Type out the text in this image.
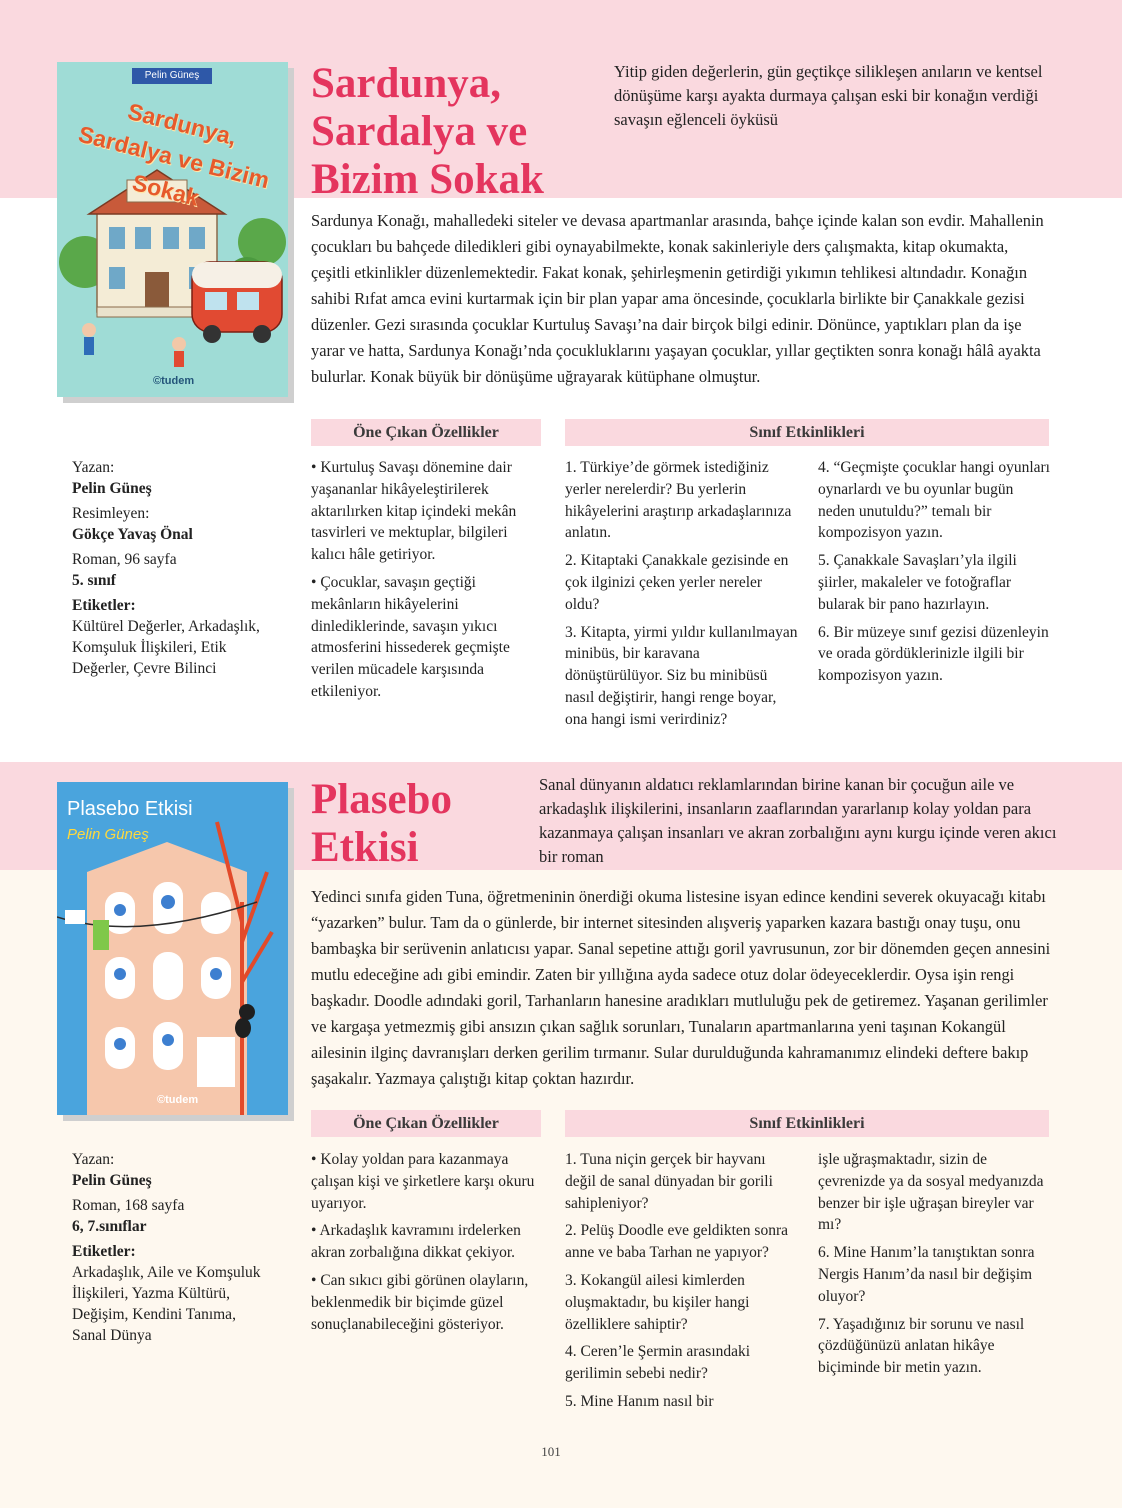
Pelin Güneş
Sardunya, Sardalya ve Bizim Sokak
©tudem
Sardunya, Sardalya ve Bizim Sokak
Yitip giden değerlerin, gün geçtikçe silikleşen anıların ve kentsel dönüşüme karşı ayakta durmaya çalışan eski bir konağın verdiği savaşın eğlenceli öyküsü
Sardunya Konağı, mahalledeki siteler ve devasa apartmanlar arasında, bahçe içinde kalan son evdir. Mahallenin çocukları bu bahçede diledikleri gibi oynayabilmekte, konak sakinleriyle ders çalışmakta, kitap okumakta, çeşitli etkinlikler düzenlemektedir. Fakat konak, şehirleşmenin getirdiği yıkımın tehlikesi altındadır. Konağın sahibi Rıfat amca evini kurtarmak için bir plan yapar ama öncesinde, çocuklarla birlikte bir Çanakkale gezisi düzenler. Gezi sırasında çocuklar Kurtuluş Savaşı’na dair birçok bilgi edinir. Dönünce, yaptıkları plan da işe yarar ve hatta, Sardunya Konağı’nda çocukluklarını yaşayan çocuklar, yıllar geçtikten sonra konağı hâlâ ayakta bulurlar. Konak büyük bir dönüşüme uğrayarak kütüphane olmuştur.
Öne Çıkan Özellikler	Sınıf Etkinlikleri
Yazan:
Pelin Güneş
Resimleyen:
Gökçe Yavaş Önal
Roman, 96 sayfa
5. sınıf
Etiketler:
Kültürel Değerler, Arkadaşlık, Komşuluk İlişkileri, Etik Değerler, Çevre Bilinci

• Kurtuluş Savaşı dönemine dair yaşananlar hikâyeleştirilerek aktarılırken kitap içindeki mekân tasvirleri ve mektuplar, bilgileri kalıcı hâle getiriyor.

• Çocuklar, savaşın geçtiği mekânların hikâyelerini dinlediklerinde, savaşın yıkıcı atmosferini hissederek geçmişte verilen mücadele karşısında etkileniyor.

1. Türkiye’de görmek istediğiniz yerler nerelerdir? Bu yerlerin hikâyelerini araştırıp arkadaşlarınıza anlatın.

2. Kitaptaki Çanakkale gezisinde en çok ilginizi çeken yerler nereler oldu?

3. Kitapta, yirmi yıldır kullanılmayan minibüs, bir karavana dönüştürülüyor. Siz bu minibüsü nasıl değiştirir, hangi renge boyar, ona hangi ismi verirdiniz?

4. “Geçmişte çocuklar hangi oyunları oynarlardı ve bu oyunlar bugün neden unutuldu?” temalı bir kompozisyon yazın.

5. Çanakkale Savaşları’yla ilgili şiirler, makaleler ve fotoğraflar bularak bir pano hazırlayın.

6. Bir müzeye sınıf gezisi düzenleyin ve orada gördüklerinizle ilgili bir kompozisyon yazın.

Plasebo Etkisi
Pelin Güneş
©tudem
Plasebo Etkisi
Sanal dünyanın aldatıcı reklamlarından birine kanan bir çocuğun aile ve arkadaşlık ilişkilerini, insanların zaaflarından yararlanıp kolay yoldan para kazanmaya çalışan insanları ve akran zorbalığını aynı kurgu içinde veren akıcı bir roman
Yedinci sınıfa giden Tuna, öğretmeninin önerdiği okuma listesine isyan edince kendini severek okuyacağı kitabı “yazarken” bulur. Tam da o günlerde, bir internet sitesinden alışveriş yaparken kazara bastığı onay tuşu, onu bambaşka bir serüvenin anlatıcısı yapar. Sanal sepetine attığı goril yavrusunun, zor bir dönemden geçen annesini mutlu edeceğine adı gibi emindir. Zaten bir yıllığına ayda sadece otuz dolar ödeyeceklerdir. Oysa işin rengi başkadır. Doodle adındaki goril, Tarhanların hanesine aradıkları mutluluğu pek de getiremez. Yaşanan gerilimler ve kargaşa yetmezmiş gibi ansızın çıkan sağlık sorunları, Tunaların apartmanlarına yeni taşınan Kokangül ailesinin ilginç davranışları derken gerilim tırmanır. Sular durulduğunda kahramanımız elindeki deftere bakıp şaşakalır. Yazmaya çalıştığı kitap çoktan hazırdır.
Öne Çıkan Özellikler	Sınıf Etkinlikleri
Yazan:
Pelin Güneş
Roman, 168 sayfa
6, 7.sınıflar
Etiketler:
Arkadaşlık, Aile ve Komşuluk İlişkileri, Yazma Kültürü, Değişim, Kendini Tanıma, Sanal Dünya

• Kolay yoldan para kazanmaya çalışan kişi ve şirketlere karşı okuru uyarıyor.

• Arkadaşlık kavramını irdelerken akran zorbalığına dikkat çekiyor.

• Can sıkıcı gibi görünen olayların, beklenmedik bir biçimde güzel sonuçlanabileceğini gösteriyor.

1. Tuna niçin gerçek bir hayvanı değil de sanal dünyadan bir gorili sahipleniyor?

2. Pelüş Doodle eve geldikten sonra anne ve baba Tarhan ne yapıyor?

3. Kokangül ailesi kimlerden oluşmaktadır, bu kişiler hangi özelliklere sahiptir?

4. Ceren’le Şermin arasındaki gerilimin sebebi nedir?

5. Mine Hanım nasıl bir

işle uğraşmaktadır, sizin de çevrenizde ya da sosyal medyanızda benzer bir işle uğraşan bireyler var mı?

6. Mine Hanım’la tanıştıktan sonra Nergis Hanım’da nasıl bir değişim oluyor?

7. Yaşadığınız bir sorunu ve nasıl çözdüğünüzü anlatan hikâye biçiminde bir metin yazın.

101
